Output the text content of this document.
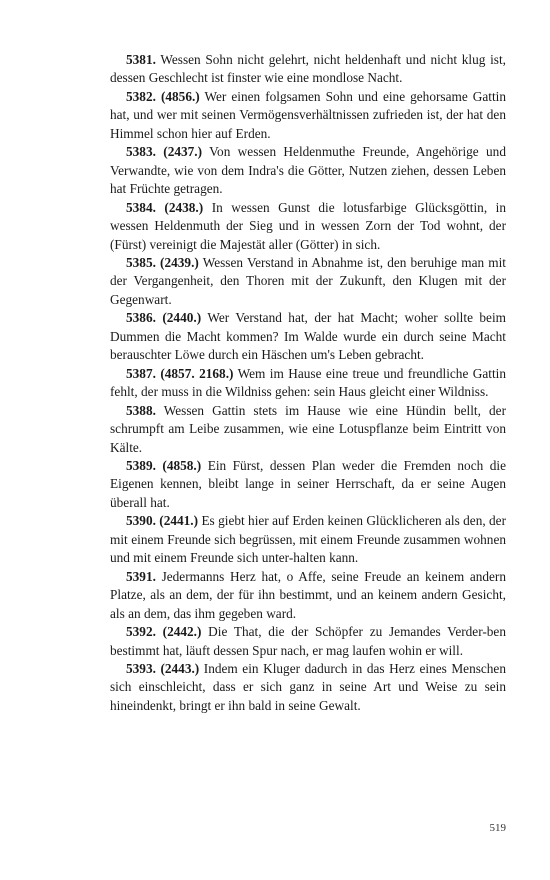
5381. Wessen Sohn nicht gelehrt, nicht heldenhaft und nicht klug ist, dessen Geschlecht ist finster wie eine mondlose Nacht.

5382. (4856.) Wer einen folgsamen Sohn und eine gehorsame Gattin hat, und wer mit seinen Vermögensverhältnissen zufrieden ist, der hat den Himmel schon hier auf Erden.

5383. (2437.) Von wessen Heldenmuthe Freunde, Angehörige und Verwandte, wie von dem Indra's die Götter, Nutzen ziehen, dessen Leben hat Früchte getragen.

5384. (2438.) In wessen Gunst die lotusfarbige Glücksgöttin, in wessen Heldenmuth der Sieg und in wessen Zorn der Tod wohnt, der (Fürst) vereinigt die Majestät aller (Götter) in sich.

5385. (2439.) Wessen Verstand in Abnahme ist, den beruhige man mit der Vergangenheit, den Thoren mit der Zukunft, den Klugen mit der Gegenwart.

5386. (2440.) Wer Verstand hat, der hat Macht; woher sollte beim Dummen die Macht kommen? Im Walde wurde ein durch seine Macht berauschter Löwe durch ein Häschen um's Leben gebracht.

5387. (4857. 2168.) Wem im Hause eine treue und freundliche Gattin fehlt, der muss in die Wildniss gehen: sein Haus gleicht einer Wildniss.

5388. Wessen Gattin stets im Hause wie eine Hündin bellt, der schrumpft am Leibe zusammen, wie eine Lotuspflanze beim Eintritt von Kälte.

5389. (4858.) Ein Fürst, dessen Plan weder die Fremden noch die Eigenen kennen, bleibt lange in seiner Herrschaft, da er seine Augen überall hat.

5390. (2441.) Es giebt hier auf Erden keinen Glücklicheren als den, der mit einem Freunde sich begrüssen, mit einem Freunde zusammen wohnen und mit einem Freunde sich unter-halten kann.

5391. Jedermanns Herz hat, o Affe, seine Freude an keinem andern Platze, als an dem, der für ihn bestimmt, und an keinem andern Gesicht, als an dem, das ihm gegeben ward.

5392. (2442.) Die That, die der Schöpfer zu Jemandes Verder-ben bestimmt hat, läuft dessen Spur nach, er mag laufen wohin er will.

5393. (2443.) Indem ein Kluger dadurch in das Herz eines Menschen sich einschleicht, dass er sich ganz in seine Art und Weise zu sein hineindenkt, bringt er ihn bald in seine Gewalt.

519
